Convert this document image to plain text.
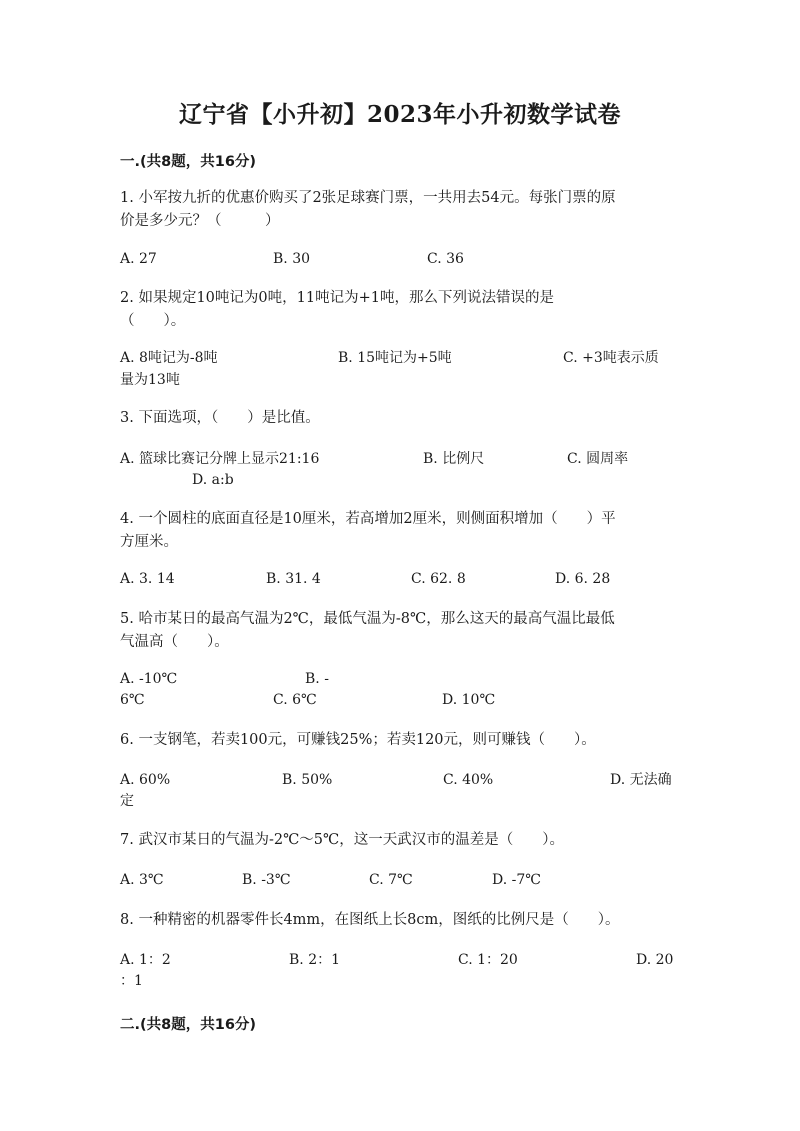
辽宁省【小升初】2023年小升初数学试卷
一.(共8题，共16分)
1. 小军按九折的优惠价购买了2张足球赛门票，一共用去54元。每张门票的原
价是多少元？（　　　）
A. 27	B. 30	C. 36
2. 如果规定10吨记为0吨，11吨记为+1吨，那么下列说法错误的是
（　　）。
A. 8吨记为-8吨	B. 15吨记为+5吨	C. +3吨表示质
量为13吨
3. 下面选项，（　　）是比值。
A. 篮球比赛记分牌上显示21:16	B. 比例尺	C. 圆周率
D. a:b
4. 一个圆柱的底面直径是10厘米，若高增加2厘米，则侧面积增加（　　）平
方厘米。
A. 3. 14	B. 31. 4	C. 62. 8	D. 6. 28
5. 哈市某日的最高气温为2℃，最低气温为-8℃，那么这天的最高气温比最低
气温高（　　）。
A. -10℃	B. -
6℃	C. 6℃	D. 10℃
6. 一支钢笔，若卖100元，可赚钱25%；若卖120元，则可赚钱（　　）。
A. 60%	B. 50%	C. 40%	D. 无法确
定
7. 武汉市某日的气温为-2℃～5℃，这一天武汉市的温差是（　　）。
A. 3℃	B. -3℃	C. 7℃	D. -7℃
8. 一种精密的机器零件长4mm，在图纸上长8cm，图纸的比例尺是（　　）。
A. 1：2	B. 2：1	C. 1：20	D. 20
：1
二.(共8题，共16分)
